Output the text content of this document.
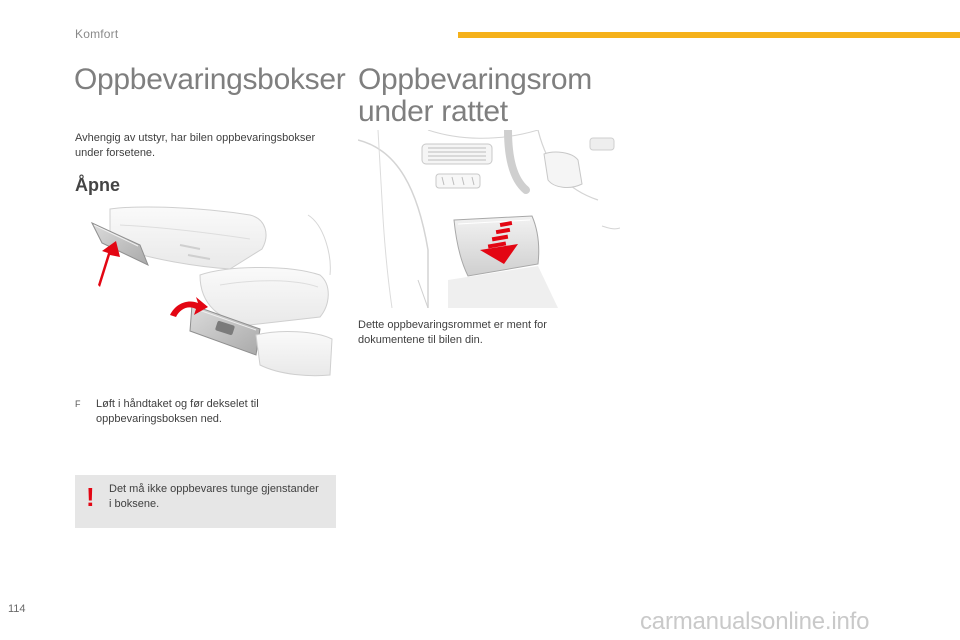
Komfort
Oppbevaringsbokser

Avhengig av utstyr, har bilen oppbevaringsbokser under forsetene.

Åpne
F	Løft i håndtaket og før dekselet til oppbevaringsboksen ned.
! Det må ikke oppbevares tunge gjenstander i boksene.

Oppbevaringsrom
under rattet

Dette oppbevaringsrommet er ment for dokumentene til bilen din.

114	carmanualsonline.info
